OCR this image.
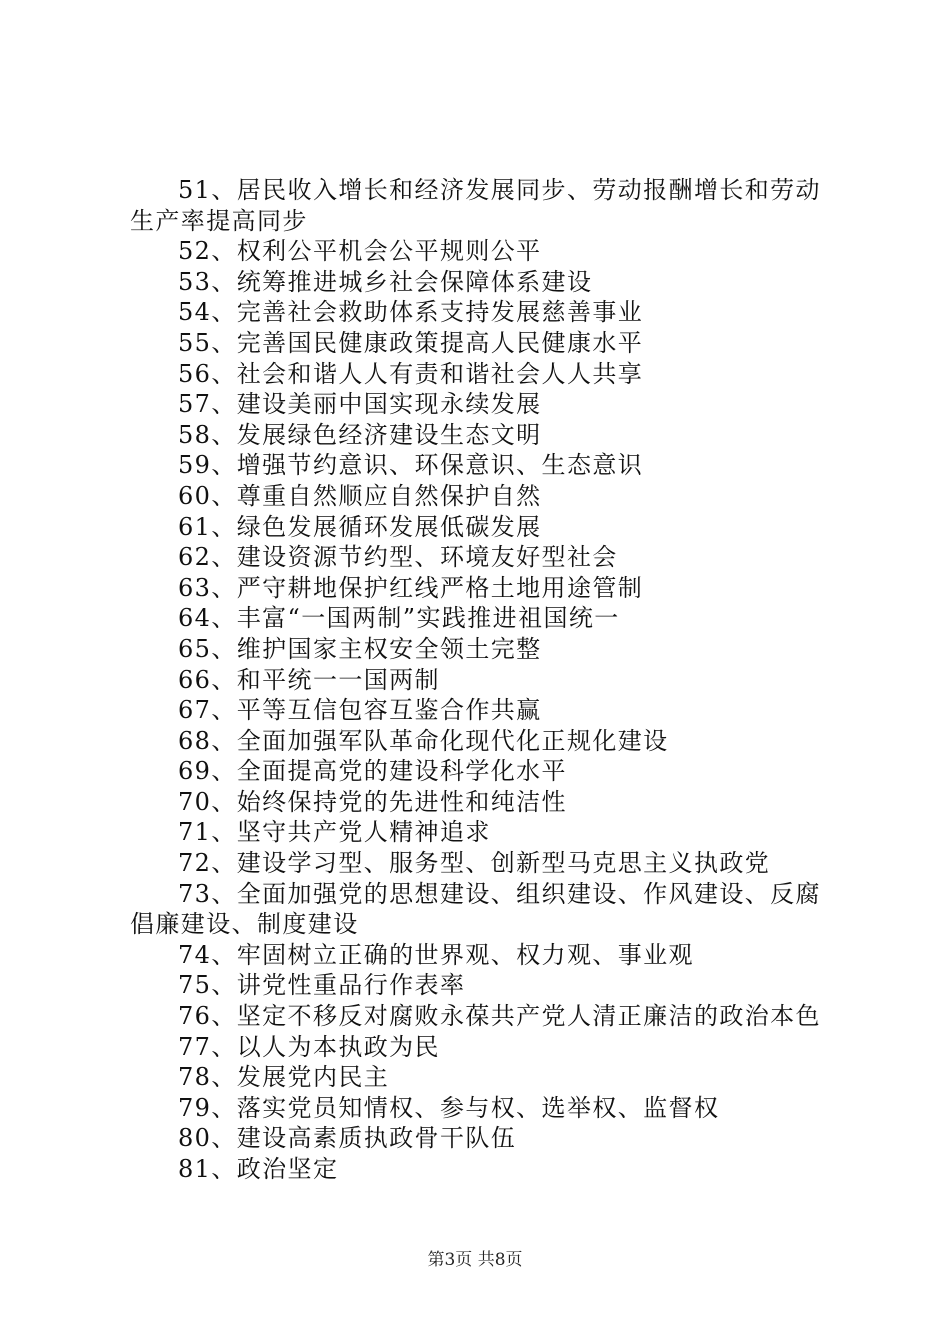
51、居民收入增长和经济发展同步、劳动报酬增长和劳动生产率提高同步

52、权利公平机会公平规则公平

53、统筹推进城乡社会保障体系建设

54、完善社会救助体系支持发展慈善事业

55、完善国民健康政策提高人民健康水平

56、社会和谐人人有责和谐社会人人共享

57、建设美丽中国实现永续发展

58、发展绿色经济建设生态文明

59、增强节约意识、环保意识、生态意识

60、尊重自然顺应自然保护自然

61、绿色发展循环发展低碳发展

62、建设资源节约型、环境友好型社会

63、严守耕地保护红线严格土地用途管制

64、丰富“一国两制”实践推进祖国统一

65、维护国家主权安全领土完整

66、和平统一一国两制

67、平等互信包容互鉴合作共赢

68、全面加强军队革命化现代化正规化建设

69、全面提高党的建设科学化水平

70、始终保持党的先进性和纯洁性

71、坚守共产党人精神追求

72、建设学习型、服务型、创新型马克思主义执政党

73、全面加强党的思想建设、组织建设、作风建设、反腐倡廉建设、制度建设

74、牢固树立正确的世界观、权力观、事业观

75、讲党性重品行作表率

76、坚定不移反对腐败永葆共产党人清正廉洁的政治本色

77、以人为本执政为民

78、发展党内民主

79、落实党员知情权、参与权、选举权、监督权

80、建设高素质执政骨干队伍

81、政治坚定

第3页 共8页
